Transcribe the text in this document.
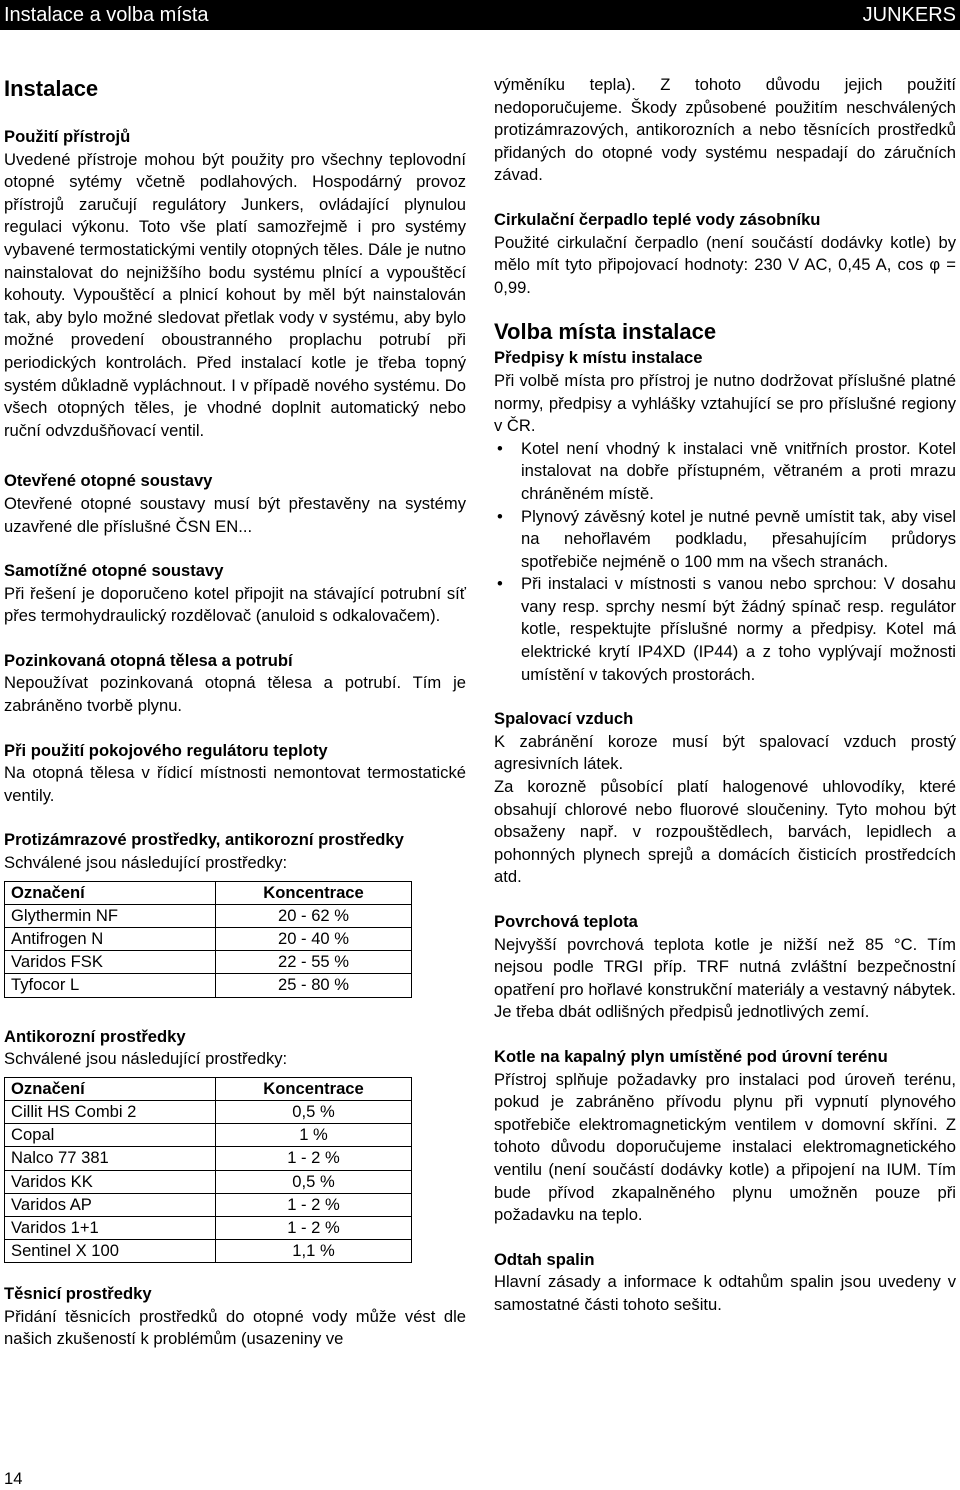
Instalace a volba místa	JUNKERS
Instalace
Použití přístrojů

Uvedené přístroje mohou být použity pro všechny teplovodní otopné sytémy včetně podlahových. Hospodárný provoz přístrojů zaručují regulátory Junkers, ovládající plynulou regulaci výkonu. Toto vše platí samozřejmě i pro systémy vybavené termostatickými ventily otopných těles. Dále je nutno nainstalovat do nejnižšího bodu systému plnící a vypouštěcí kohouty. Vypouštěcí a plnicí kohout by měl být nainstalován tak, aby bylo možné sledovat přetlak vody v systému, aby bylo možné provedení oboustranného proplachu potrubí při periodických kontrolách. Před instalací kotle je třeba topný systém důkladně vypláchnout. I v případě nového systému. Do všech otopných těles, je vhodné doplnit automatický nebo ruční odvzdušňovací ventil.

Otevřené otopné soustavy

Otevřené otopné soustavy musí být přestavěny na systémy uzavřené dle příslušné ČSN EN...

Samotížné otopné soustavy

Při řešení je doporučeno kotel připojit na stávající potrubní síť přes termohydraulický rozdělovač (anuloid s odkalovačem).

Pozinkovaná otopná tělesa a potrubí

Nepoužívat pozinkovaná otopná tělesa a potrubí. Tím je zabráněno tvorbě plynu.

Při použití pokojového regulátoru teploty

Na otopná tělesa v řídicí místnosti nemontovat termostatické ventily.

Protizámrazové prostředky, antikorozní prostředky

Schválené jsou následující prostředky:

Označení	Koncentrace
Glythermin NF	20 - 62 %
Antifrogen N	20 - 40 %
Varidos FSK	22 - 55 %
Tyfocor L	25 - 80 %
Antikorozní prostředky

Schválené jsou následující prostředky:

Označení	Koncentrace
Cillit HS Combi 2	0,5 %
Copal	1 %
Nalco 77 381	1 - 2 %
Varidos KK	0,5 %
Varidos AP	1 - 2 %
Varidos 1+1	1 - 2 %
Sentinel X 100	1,1 %
Těsnicí prostředky

Přidání těsnicích prostředků do otopné vody může vést dle našich zkušeností k problémům (usazeniny ve

výměníku tepla). Z tohoto důvodu jejich použití nedoporučujeme. Škody způsobené použitím neschválených protizámrazových, antikorozních a nebo těsnících prostředků přidaných do otopné vody systému nespadají do záručních závad.

Cirkulační čerpadlo teplé vody zásobníku

Použité cirkulační čerpadlo (není součástí dodávky kotle) by mělo mít tyto připojovací hodnoty: 230 V AC, 0,45 A, cos φ = 0,99.

Volba místa instalace
Předpisy k místu instalace

Při volbě místa pro přístroj je nutno dodržovat příslušné platné normy, předpisy a vyhlášky vztahující se pro příslušné regiony v ČR.

• Kotel není vhodný k instalaci vně vnitřních prostor. Kotel instalovat na dobře přístupném, větraném a proti mrazu chráněném místě.
• Plynový závěsný kotel je nutné pevně umístit tak, aby visel na nehořlavém podkladu, přesahujícím průdorys spotřebiče nejméně o 100 mm na všech stranách.
• Při instalaci v místnosti s vanou nebo sprchou: V dosahu vany resp. sprchy nesmí být žádný spínač resp. regulátor kotle, respektujte příslušné normy a předpisy. Kotel má elektrické krytí IP4XD (IP44) a z toho vyplývají možnosti umístění v takových prostorách.
Spalovací vzduch

K zabránění koroze musí být spalovací vzduch prostý agresivních látek.

Za korozně působící platí halogenové uhlovodíky, které obsahují chlorové nebo fluorové sloučeniny. Tyto mohou být obsaženy např. v rozpouštědlech, barvách, lepidlech a pohonných plynech sprejů a domácích čisticích prostředcích atd.

Povrchová teplota

Nejvyšší povrchová teplota kotle je nižší než 85 °C. Tím nejsou podle TRGI příp. TRF nutná zvláštní bezpečnostní opatření pro hořlavé konstrukční materiály a vestavný nábytek. Je třeba dbát odlišných předpisů jednotlivých zemí.

Kotle na kapalný plyn umístěné pod úrovní terénu

Přístroj splňuje požadavky pro instalaci pod úroveň terénu, pokud je zabráněno přívodu plynu při vypnutí plynového spotřebiče elektromagnetickým ventilem v domovní skříni. Z tohoto důvodu doporučujeme instalaci elektromagnetického ventilu (není součástí dodávky kotle) a připojení na IUM. Tím bude přívod zkapalněného plynu umožněn pouze při požadavku na teplo.

Odtah spalin

Hlavní zásady a informace k odtahům spalin jsou uvedeny v samostatné části tohoto sešitu.

14
